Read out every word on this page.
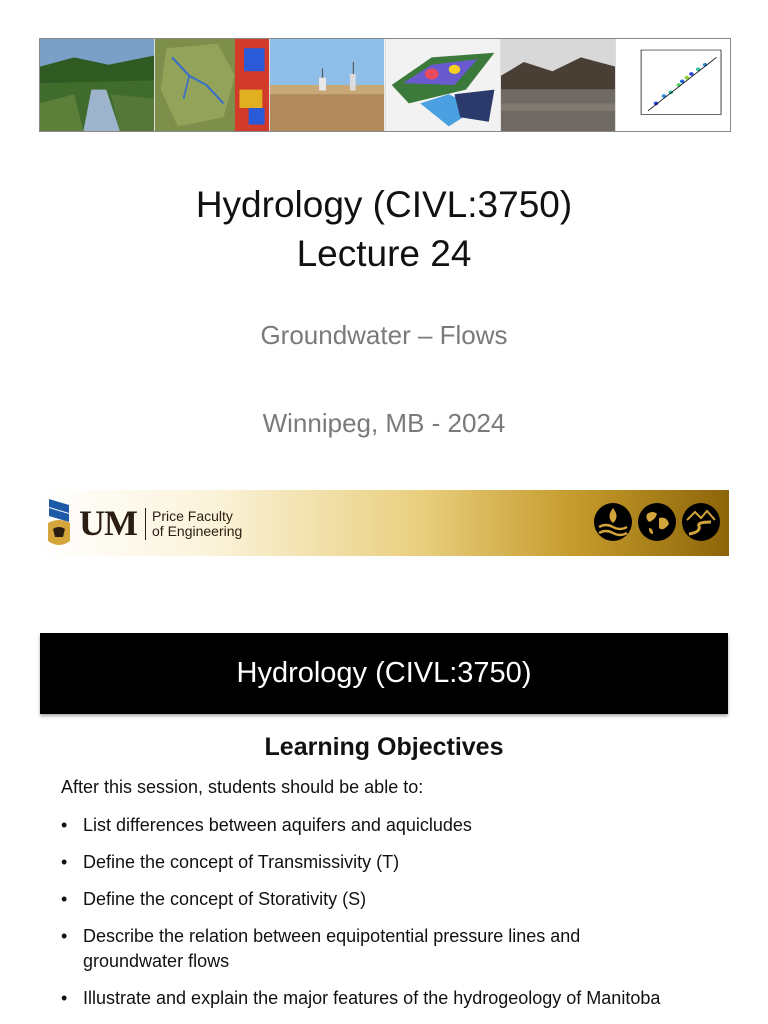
Hydrology (CIVL:3750)
Lecture 24
Groundwater – Flows
Winnipeg, MB - 2024
UM Price Faculty
of Engineering
Hydrology (CIVL:3750)
Learning Objectives
After this session, students should be able to:
• List differences between aquifers and aquicludes
• Define the concept of Transmissivity (T)
• Define the concept of Storativity (S)
• Describe the relation between equipotential pressure lines and groundwater flows
• Illustrate and explain the major features of the hydrogeology of Manitoba
